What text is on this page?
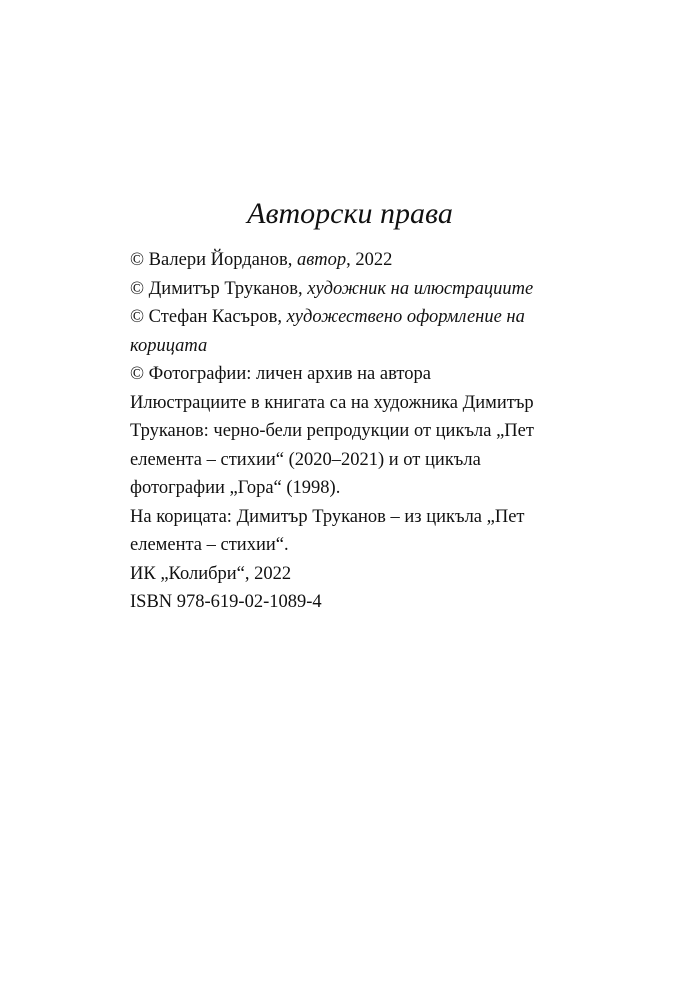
Авторски права
© Валери Йорданов, автор, 2022
© Димитър Труканов, художник на илюстрациите
© Стефан Касъров, художествено оформление на
корицата
© Фотографии: личен архив на автора
Илюстрациите в книгата са на художника Димитър
Труканов: черно-бели репродукции от цикъла „Пет
елемента – стихии“ (2020–2021) и от цикъла
фотографии „Гора“ (1998).
На корицата: Димитър Труканов – из цикъла „Пет
елемента – стихии“.
ИК „Колибри“, 2022
ISBN 978-619-02-1089-4
